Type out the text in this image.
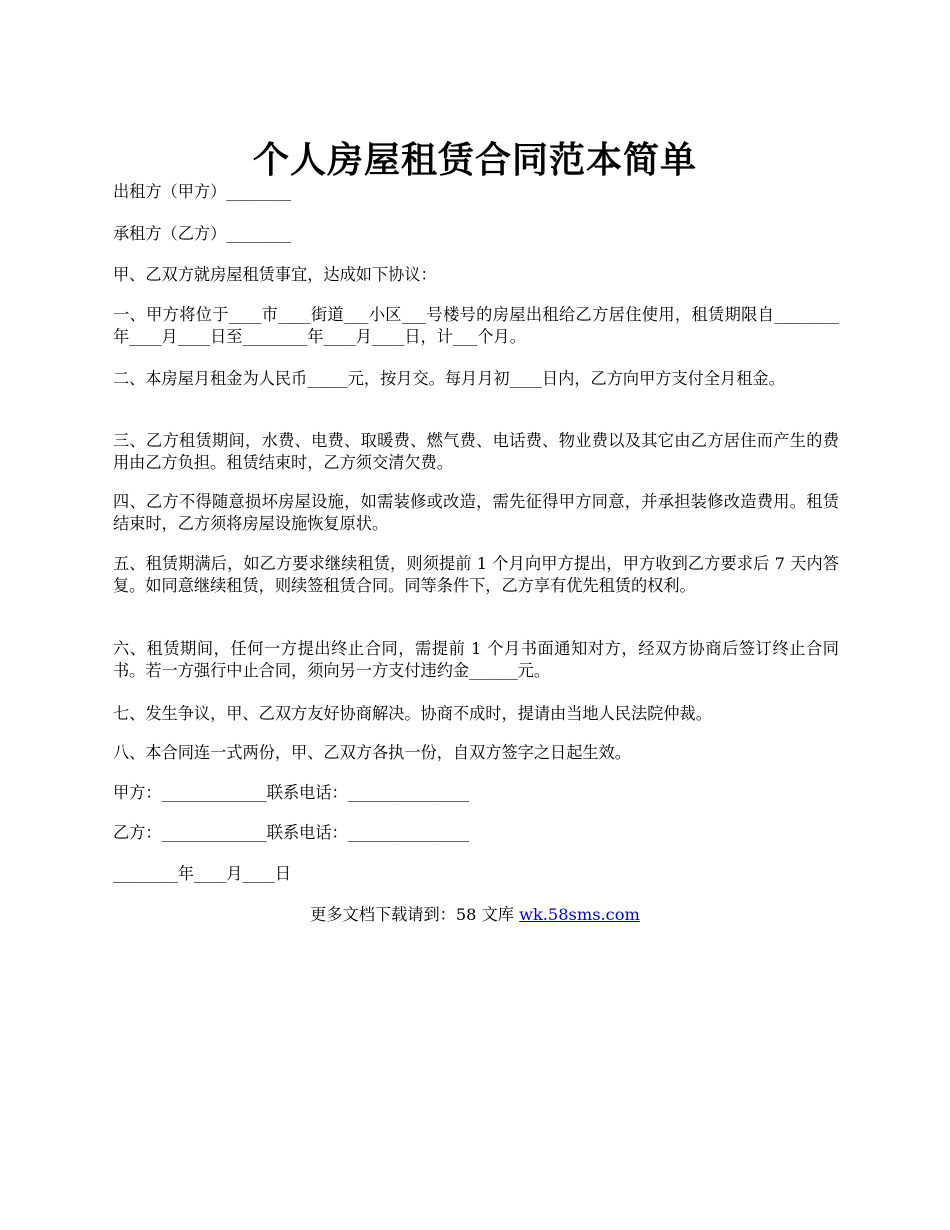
个人房屋租赁合同范本简单

出租方（甲方）________

承租方（乙方）________

甲、乙双方就房屋租赁事宜，达成如下协议：

一、甲方将位于____市____街道___小区___号楼号的房屋出租给乙方居住使用，租赁期限自________年____月____日至________年____月____日，计___个月。

二、本房屋月租金为人民币_____元，按月交。每月月初____日内，乙方向甲方支付全月租金。

三、乙方租赁期间，水费、电费、取暖费、燃气费、电话费、物业费以及其它由乙方居住而产生的费用由乙方负担。租赁结束时，乙方须交清欠费。

四、乙方不得随意损坏房屋设施，如需装修或改造，需先征得甲方同意，并承担装修改造费用。租赁结束时，乙方须将房屋设施恢复原状。

五、租赁期满后，如乙方要求继续租赁，则须提前 1 个月向甲方提出，甲方收到乙方要求后 7 天内答复。如同意继续租赁，则续签租赁合同。同等条件下，乙方享有优先租赁的权利。

六、租赁期间，任何一方提出终止合同，需提前 1 个月书面通知对方，经双方协商后签订终止合同书。若一方强行中止合同，须向另一方支付违约金______元。

七、发生争议，甲、乙双方友好协商解决。协商不成时，提请由当地人民法院仲裁。

八、本合同连一式两份，甲、乙双方各执一份，自双方签字之日起生效。

甲方：_____________联系电话：_______________

乙方：_____________联系电话：_______________

________年____月____日

更多文档下载请到：58 文库 wk.58sms.com
